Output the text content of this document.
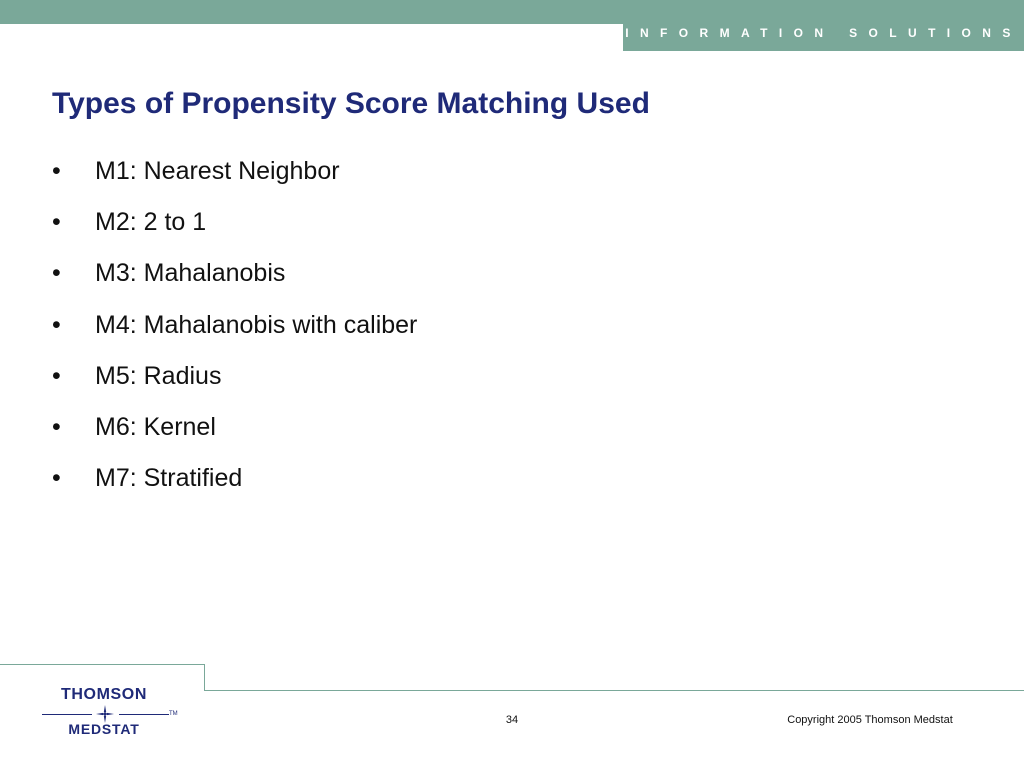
INFORMATION SOLUTIONS
Types of Propensity Score Matching Used
•	M1: Nearest Neighbor
•	M2: 2 to 1
•	M3: Mahalanobis
•	M4: Mahalanobis with caliber
•	M5: Radius
•	M6: Kernel
•	M7: Stratified
THOMSON
TM
MEDSTAT
34	Copyright 2005 Thomson Medstat
